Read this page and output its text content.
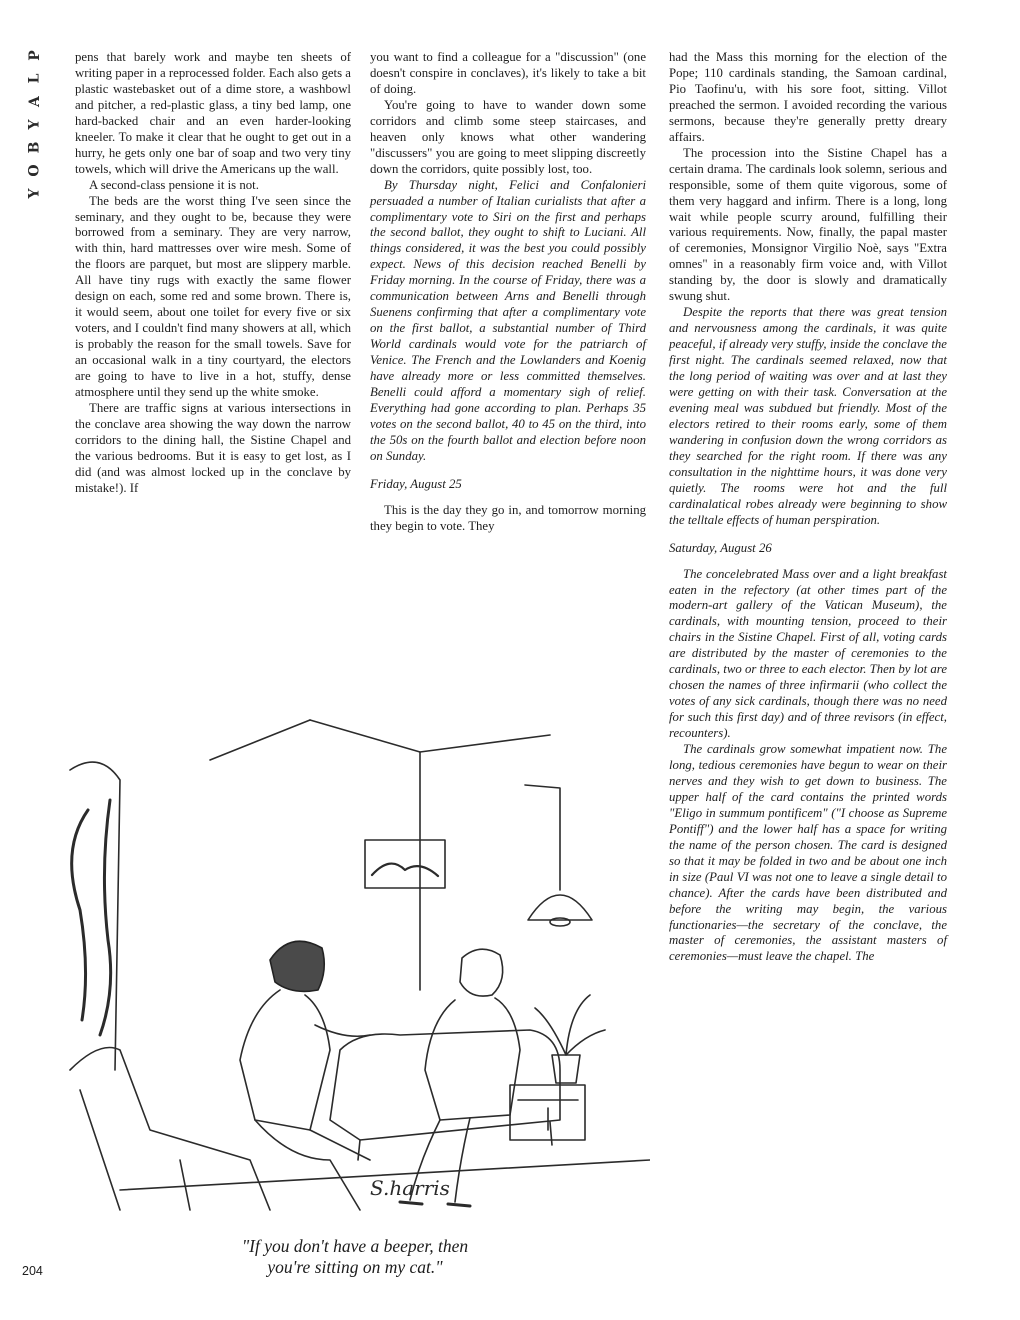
P
L
A
Y
B
O
Y

pens that barely work and maybe ten sheets of writing paper in a reprocessed folder. Each also gets a plastic wastebasket out of a dime store, a washbowl and pitcher, a red-plastic glass, a tiny bed lamp, one hard-backed chair and an even harder-looking kneeler. To make it clear that he ought to get out in a hurry, he gets only one bar of soap and two very tiny towels, which will drive the Americans up the wall.

A second-class pensione it is not.

The beds are the worst thing I've seen since the seminary, and they ought to be, because they were borrowed from a seminary. They are very narrow, with thin, hard mattresses over wire mesh. Some of the floors are parquet, but most are slippery marble. All have tiny rugs with exactly the same flower design on each, some red and some brown. There is, it would seem, about one toilet for every five or six voters, and I couldn't find many showers at all, which is probably the reason for the small towels. Save for an occasional walk in a tiny courtyard, the electors are going to have to live in a hot, stuffy, dense atmosphere until they send up the white smoke.

There are traffic signs at various intersections in the conclave area showing the way down the narrow corridors to the dining hall, the Sistine Chapel and the various bedrooms. But it is easy to get lost, as I did (and was almost locked up in the conclave by mistake!). If

you want to find a colleague for a "discussion" (one doesn't conspire in conclaves), it's likely to take a bit of doing.

You're going to have to wander down some corridors and climb some steep staircases, and heaven only knows what other wandering "discussers" you are going to meet slipping discreetly down the corridors, quite possibly lost, too.

By Thursday night, Felici and Confalonieri persuaded a number of Italian curialists that after a complimentary vote to Siri on the first and perhaps the second ballot, they ought to shift to Luciani. All things considered, it was the best you could possibly expect. News of this decision reached Benelli by Friday morning. In the course of Friday, there was a communication between Arns and Benelli through Suenens confirming that after a complimentary vote on the first ballot, a substantial number of Third World cardinals would vote for the patriarch of Venice. The French and the Lowlanders and Koenig have already more or less committed themselves. Benelli could afford a momentary sigh of relief. Everything had gone according to plan. Perhaps 35 votes on the second ballot, 40 to 45 on the third, into the 50s on the fourth ballot and election before noon on Sunday.

Friday, August 25

This is the day they go in, and tomorrow morning they begin to vote. They

had the Mass this morning for the election of the Pope; 110 cardinals standing, the Samoan cardinal, Pio Taofinu'u, with his sore foot, sitting. Villot preached the sermon. I avoided recording the various sermons, because they're generally pretty dreary affairs.

The procession into the Sistine Chapel has a certain drama. The cardinals look solemn, serious and responsible, some of them quite vigorous, some of them very haggard and infirm. There is a long, long wait while people scurry around, fulfilling their various requirements. Now, finally, the papal master of ceremonies, Monsignor Virgilio Noè, says "Extra omnes" in a reasonably firm voice and, with Villot standing by, the door is slowly and dramatically swung shut.

Despite the reports that there was great tension and nervousness among the cardinals, it was quite peaceful, if already very stuffy, inside the conclave the first night. The cardinals seemed relaxed, now that the long period of waiting was over and at last they were getting on with their task. Conversation at the evening meal was subdued but friendly. Most of the electors retired to their rooms early, some of them wandering in confusion down the wrong corridors as they searched for the right room. If there was any consultation in the nighttime hours, it was done very quietly. The rooms were hot and the full cardinalatical robes already were beginning to show the telltale effects of human perspiration.

Saturday, August 26

The concelebrated Mass over and a light breakfast eaten in the refectory (at other times part of the modern-art gallery of the Vatican Museum), the cardinals, with mounting tension, proceed to their chairs in the Sistine Chapel. First of all, voting cards are distributed by the master of ceremonies to the cardinals, two or three to each elector. Then by lot are chosen the names of three infirmarii (who collect the votes of any sick cardinals, though there was no need for such this first day) and of three revisors (in effect, recounters).

The cardinals grow somewhat impatient now. The long, tedious ceremonies have begun to wear on their nerves and they wish to get down to business. The upper half of the card contains the printed words "Eligo in summum pontificem" ("I choose as Supreme Pontiff") and the lower half has a space for writing the name of the person chosen. The card is designed so that it may be folded in two and be about one inch in size (Paul VI was not one to leave a single detail to chance). After the cards have been distributed and before the writing may begin, the various functionaries—the secretary of the conclave, the master of ceremonies, the assistant masters of ceremonies—must leave the chapel. The

S.harris
"If you don't have a beeper, then
you're sitting on my cat."
204
